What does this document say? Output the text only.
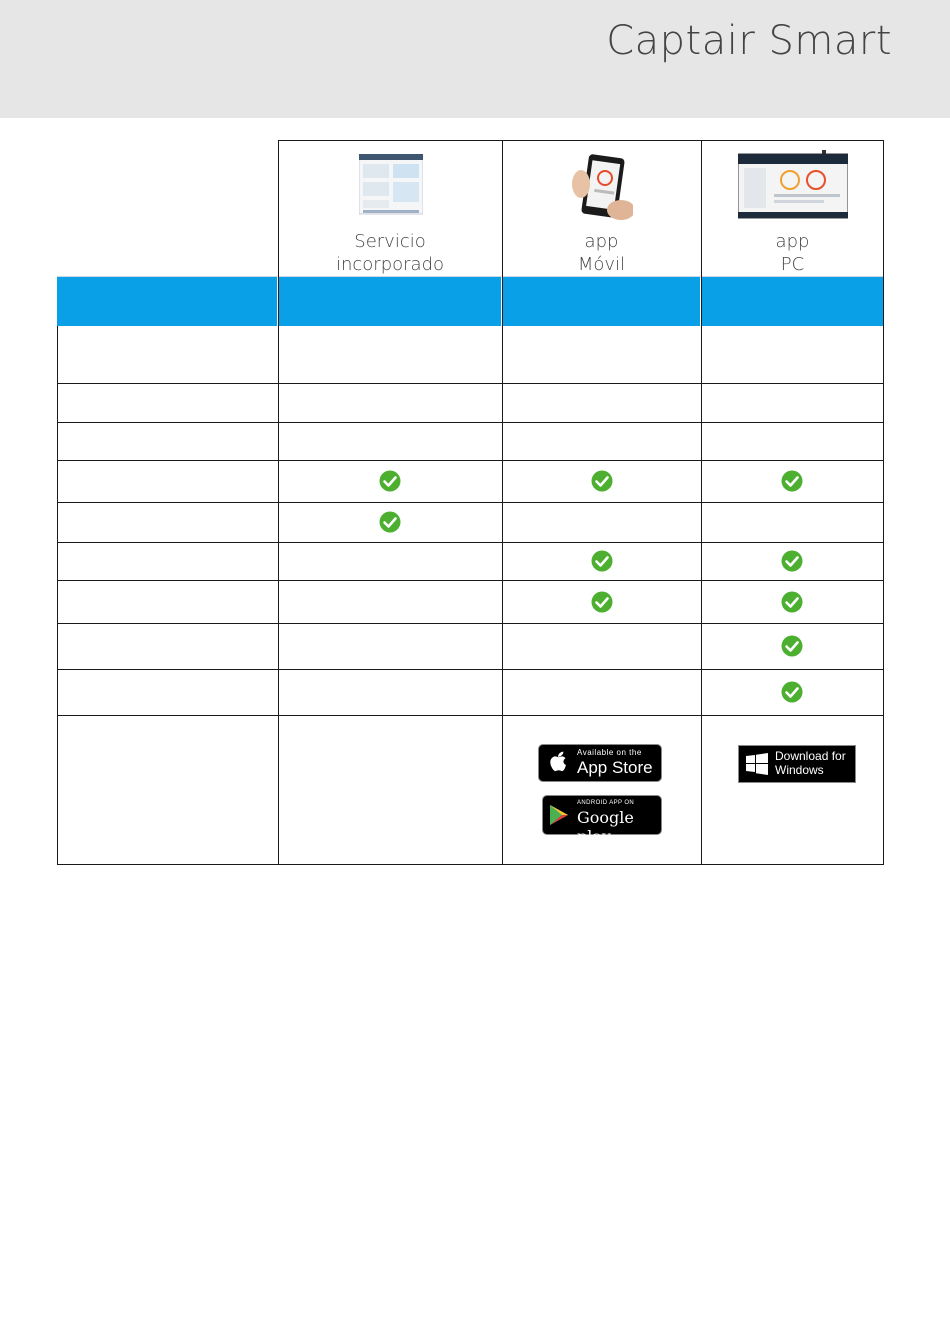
Captair Smart
Servicio
incorporado
app
Móvil
app
PC
Available on the
App Store
ANDROID APP ON
Google play
Download for
Windows
